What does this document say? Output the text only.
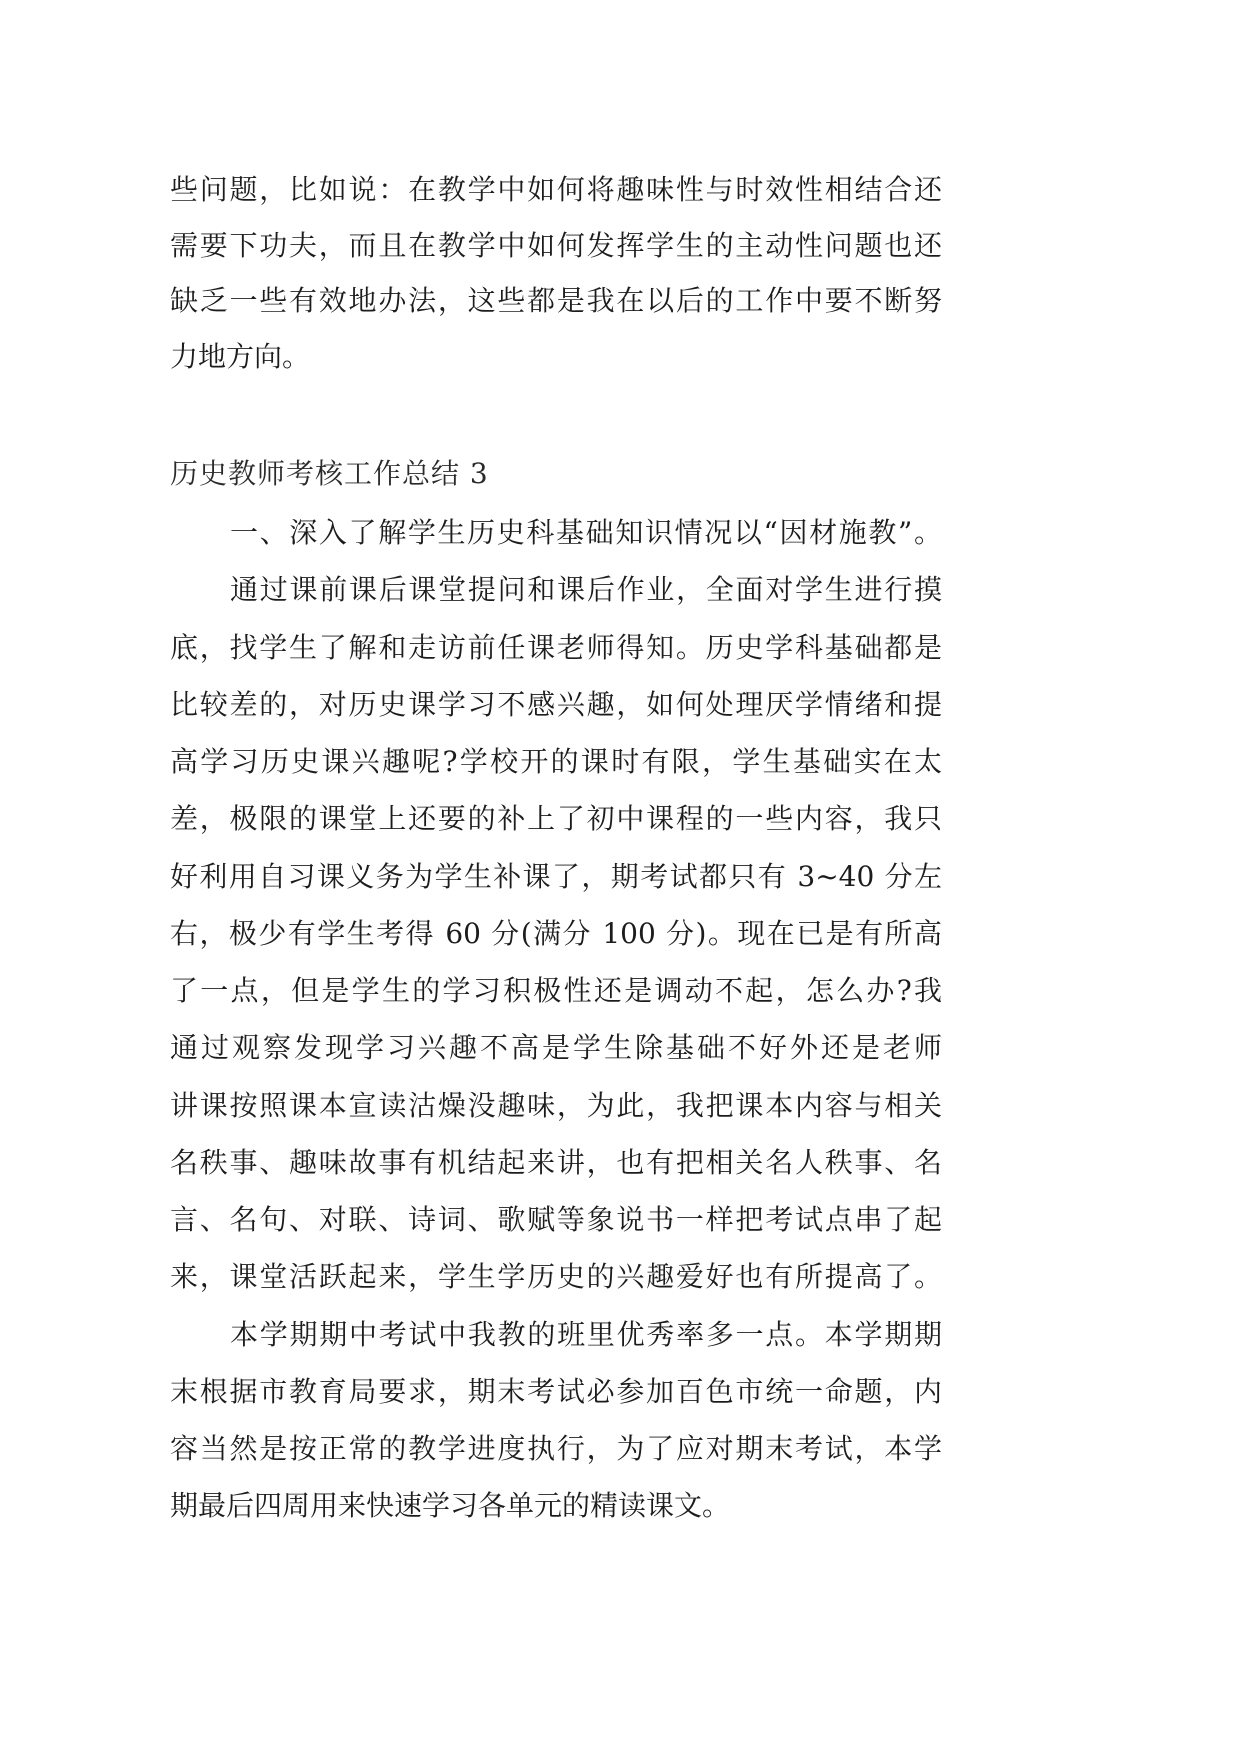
些问题，比如说：在教学中如何将趣味性与时效性相结合还
需要下功夫，而且在教学中如何发挥学生的主动性问题也还
缺乏一些有效地办法，这些都是我在以后的工作中要不断努
力地方向。
历史教师考核工作总结 3
一、深入了解学生历史科基础知识情况以“因材施教”。
通过课前课后课堂提问和课后作业，全面对学生进行摸
底，找学生了解和走访前任课老师得知。历史学科基础都是
比较差的，对历史课学习不感兴趣，如何处理厌学情绪和提
高学习历史课兴趣呢?学校开的课时有限，学生基础实在太
差，极限的课堂上还要的补上了初中课程的一些内容，我只
好利用自习课义务为学生补课了，期考试都只有 3~40 分左
右，极少有学生考得 60 分(满分 100 分)。现在已是有所高
了一点，但是学生的学习积极性还是调动不起，怎么办?我
通过观察发现学习兴趣不高是学生除基础不好外还是老师
讲课按照课本宣读沽燥没趣味，为此，我把课本内容与相关
名秩事、趣味故事有机结起来讲，也有把相关名人秩事、名
言、名句、对联、诗词、歌赋等象说书一样把考试点串了起
来，课堂活跃起来，学生学历史的兴趣爱好也有所提高了。
本学期期中考试中我教的班里优秀率多一点。本学期期
末根据市教育局要求，期末考试必参加百色市统一命题，内
容当然是按正常的教学进度执行，为了应对期末考试，本学
期最后四周用来快速学习各单元的精读课文。
